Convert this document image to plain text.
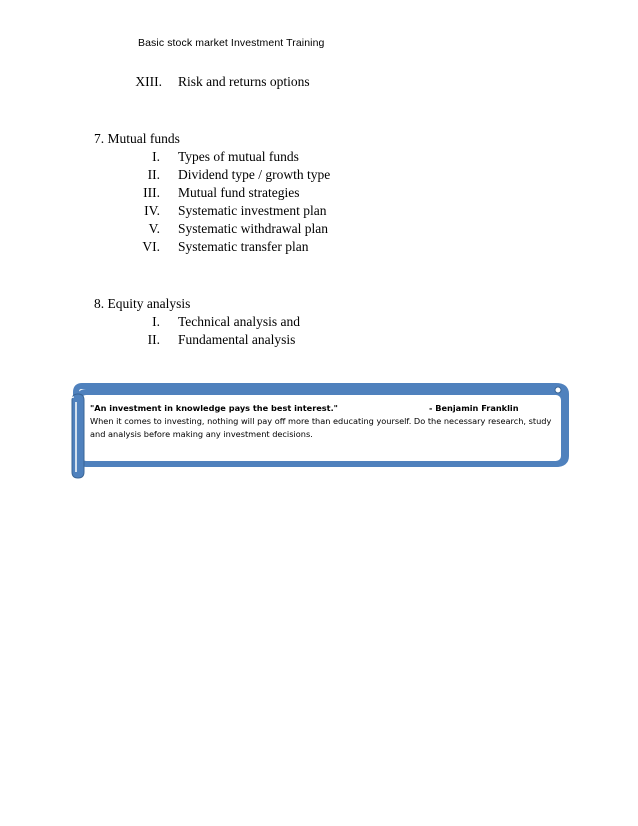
Basic stock market Investment Training
XIII. Risk and returns options
7. Mutual funds
I. Types of mutual funds
II. Dividend type / growth type
III. Mutual fund strategies
IV. Systematic investment plan
V. Systematic withdrawal plan
VI. Systematic transfer plan
8. Equity analysis
I. Technical analysis and
II. Fundamental analysis
"An investment in knowledge pays the best interest."	- Benjamin Franklin
When it comes to investing, nothing will pay off more than educating yourself. Do the necessary research, study and analysis before making any investment decisions.
